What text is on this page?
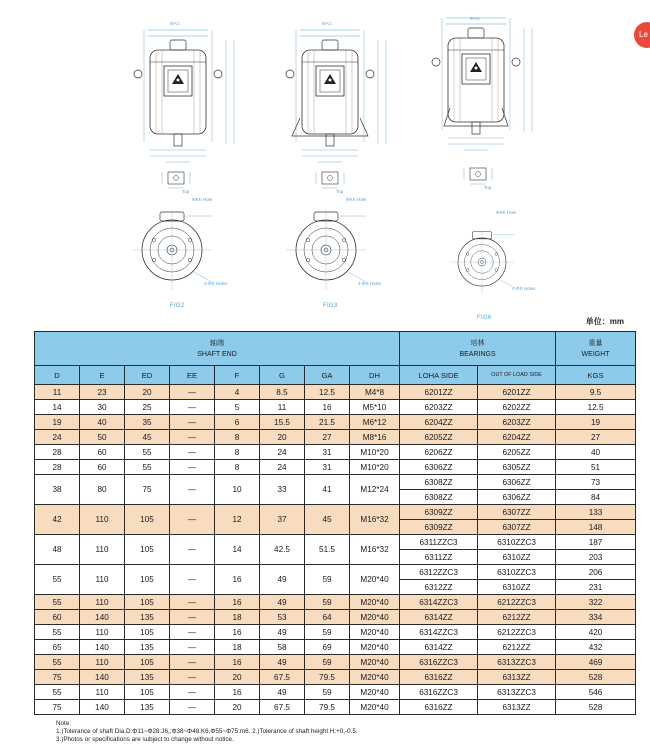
ΦAC	ΦAC
ΦAC
ΦKK Hole	ΦKK Hole
ΦKK Hole
4-ΦS Holes	4-ΦS Holes
4-ΦS Holes
Top	Top
Top
FIG2	FIG3
FIG6
Le
单位：mm
轴端
SHAFT END								培林
BEARINGS		重量
WEIGHT
D	E	ED	EE	F	G	GA	DH	LOHA SIDE	OUT OF LOAD SIDE	KGS
11	23	20	—	4	8.5	12.5	M4*8	6201ZZ	6201ZZ	9.5
14	30	25	—	5	11	16	M5*10	6203ZZ	6202ZZ	12.5
19	40	35	—	6	15.5	21.5	M6*12	6204ZZ	6203ZZ	19
24	50	45	—	8	20	27	M8*16	6205ZZ	6204ZZ	27
28	60	55	—	8	24	31	M10*20	6206ZZ	6205ZZ	40
28	60	55	—	8	24	31	M10*20	6306ZZ	6305ZZ	51
38	80	75	—	10	33	41	M12*24	6308ZZ	6306ZZ	73
								6308ZZ	6306ZZ	84
42	110	105	—	12	37	45	M16*32	6309ZZ	6307ZZ	133
								6309ZZ	6307ZZ	148
48	110	105	—	14	42.5	51.5	M16*32	6311ZZC3	6310ZZC3	187
								6311ZZ	6310ZZ	203
55	110	105	—	16	49	59	M20*40	6312ZZC3	6310ZZC3	206
								6312ZZ	6310ZZ	231
55	110	105	—	16	49	59	M20*40	6314ZZC3	6212ZZC3	322
60	140	135	—	18	53	64	M20*40	6314ZZ	6212ZZ	334
55	110	105	—	16	49	59	M20*40	6314ZZC3	6212ZZC3	420
65	140	135	—	18	58	69	M20*40	6314ZZ	6212ZZ	432
55	110	105	—	16	49	59	M20*40	6316ZZC3	6313ZZC3	469
75	140	135	—	20	67.5	79.5	M20*40	6316ZZ	6313ZZ	528
55	110	105	—	16	49	59	M20*40	6316ZZC3	6313ZZC3	546
75	140	135	—	20	67.5	79.5	M20*40	6316ZZ	6313ZZ	528
Note:
1.)Tolerance of shaft Dia.D:Φ11~Φ28:J6,;Φ38~Φ48:K6,Φ55~Φ75:m6. 2.)Tolerance of shaft height H:+0,-0.5.
3.)Photos or specifications are subject to change without notice.
